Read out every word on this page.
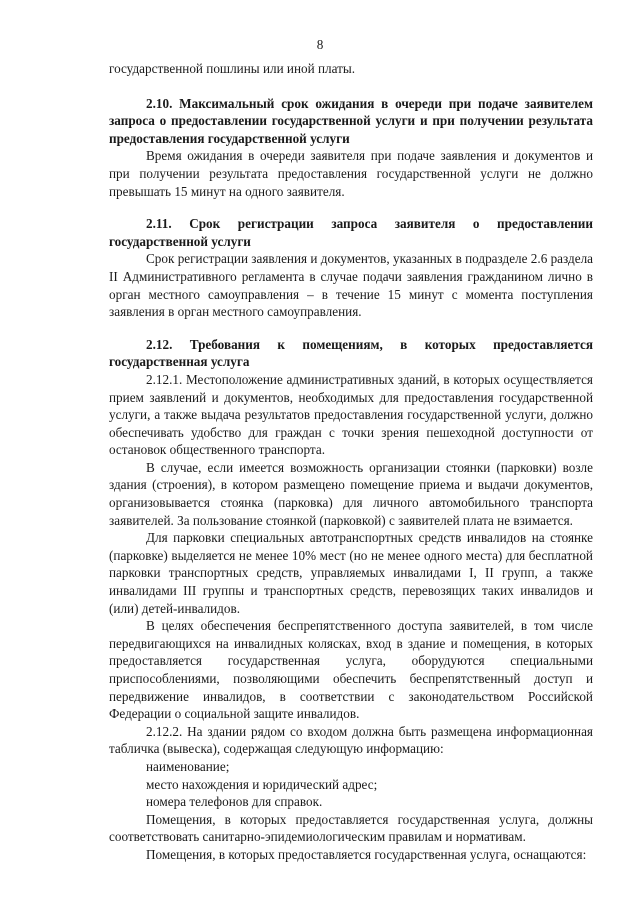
8

государственной пошлины или иной платы.

2.10. Максимальный срок ожидания в очереди при подаче заявителем запроса о предоставлении государственной услуги и при получении результата предоставления государственной услуги

Время ожидания в очереди заявителя при подаче заявления и документов и при получении результата предоставления государственной услуги не должно превышать 15 минут на одного заявителя.

2.11. Срок регистрации запроса заявителя о предоставлении государственной услуги

Срок регистрации заявления и документов, указанных в подразделе 2.6 раздела II Административного регламента в случае подачи заявления гражданином лично в орган местного самоуправления – в течение 15 минут с момента поступления заявления в орган местного самоуправления.

2.12. Требования к помещениям, в которых предоставляется государственная услуга

2.12.1. Местоположение административных зданий, в которых осуществляется прием заявлений и документов, необходимых для предоставления государственной услуги, а также выдача результатов предоставления государственной услуги, должно обеспечивать удобство для граждан с точки зрения пешеходной доступности от остановок общественного транспорта.

В случае, если имеется возможность организации стоянки (парковки) возле здания (строения), в котором размещено помещение приема и выдачи документов, организовывается стоянка (парковка) для личного автомобильного транспорта заявителей. За пользование стоянкой (парковкой) с заявителей плата не взимается.

Для парковки специальных автотранспортных средств инвалидов на стоянке (парковке) выделяется не менее 10% мест (но не менее одного места) для бесплатной парковки транспортных средств, управляемых инвалидами I, II групп, а также инвалидами III группы и транспортных средств, перевозящих таких инвалидов и (или) детей-инвалидов.

В целях обеспечения беспрепятственного доступа заявителей, в том числе передвигающихся на инвалидных колясках, вход в здание и помещения, в которых предоставляется государственная услуга, оборудуются специальными приспособлениями, позволяющими обеспечить беспрепятственный доступ и передвижение инвалидов, в соответствии с законодательством Российской Федерации о социальной защите инвалидов.

2.12.2. На здании рядом со входом должна быть размещена информационная табличка (вывеска), содержащая следующую информацию:

наименование;

место нахождения и юридический адрес;

номера телефонов для справок.

Помещения, в которых предоставляется государственная услуга, должны соответствовать санитарно-эпидемиологическим правилам и нормативам.

Помещения, в которых предоставляется государственная услуга, оснащаются:
